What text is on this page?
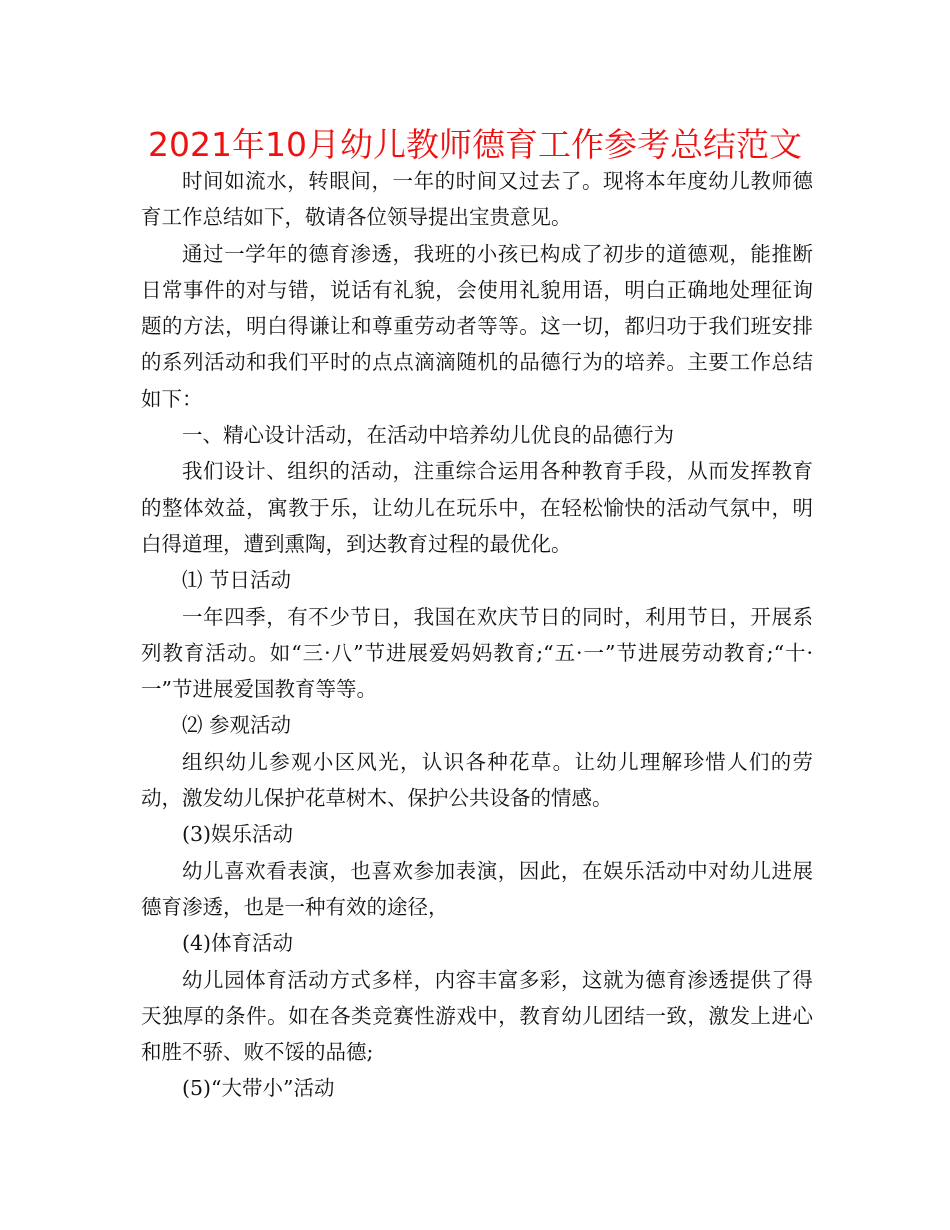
2021年10月幼儿教师德育工作参考总结范文

时间如流水，转眼间，一年的时间又过去了。现将本年度幼儿教师德育工作总结如下，敬请各位领导提出宝贵意见。

通过一学年的德育渗透，我班的小孩已构成了初步的道德观，能推断日常事件的对与错，说话有礼貌，会使用礼貌用语，明白正确地处理征询题的方法，明白得谦让和尊重劳动者等等。这一切，都归功于我们班安排的系列活动和我们平时的点点滴滴随机的品德行为的培养。主要工作总结如下：

一、精心设计活动，在活动中培养幼儿优良的品德行为

我们设计、组织的活动，注重综合运用各种教育手段，从而发挥教育的整体效益，寓教于乐，让幼儿在玩乐中，在轻松愉快的活动气氛中，明白得道理，遭到熏陶，到达教育过程的最优化。

⑴ 节日活动

一年四季，有不少节日，我国在欢庆节日的同时，利用节日，开展系列教育活动。如“三·八”节进展爱妈妈教育;“五·一”节进展劳动教育;“十·一”节进展爱国教育等等。

⑵ 参观活动

组织幼儿参观小区风光，认识各种花草。让幼儿理解珍惜人们的劳动，激发幼儿保护花草树木、保护公共设备的情感。

(3)娱乐活动

幼儿喜欢看表演，也喜欢参加表演，因此，在娱乐活动中对幼儿进展德育渗透，也是一种有效的途径，

(4)体育活动

幼儿园体育活动方式多样，内容丰富多彩，这就为德育渗透提供了得天独厚的条件。如在各类竞赛性游戏中，教育幼儿团结一致，激发上进心和胜不骄、败不馁的品德;

(5)“大带小”活动
